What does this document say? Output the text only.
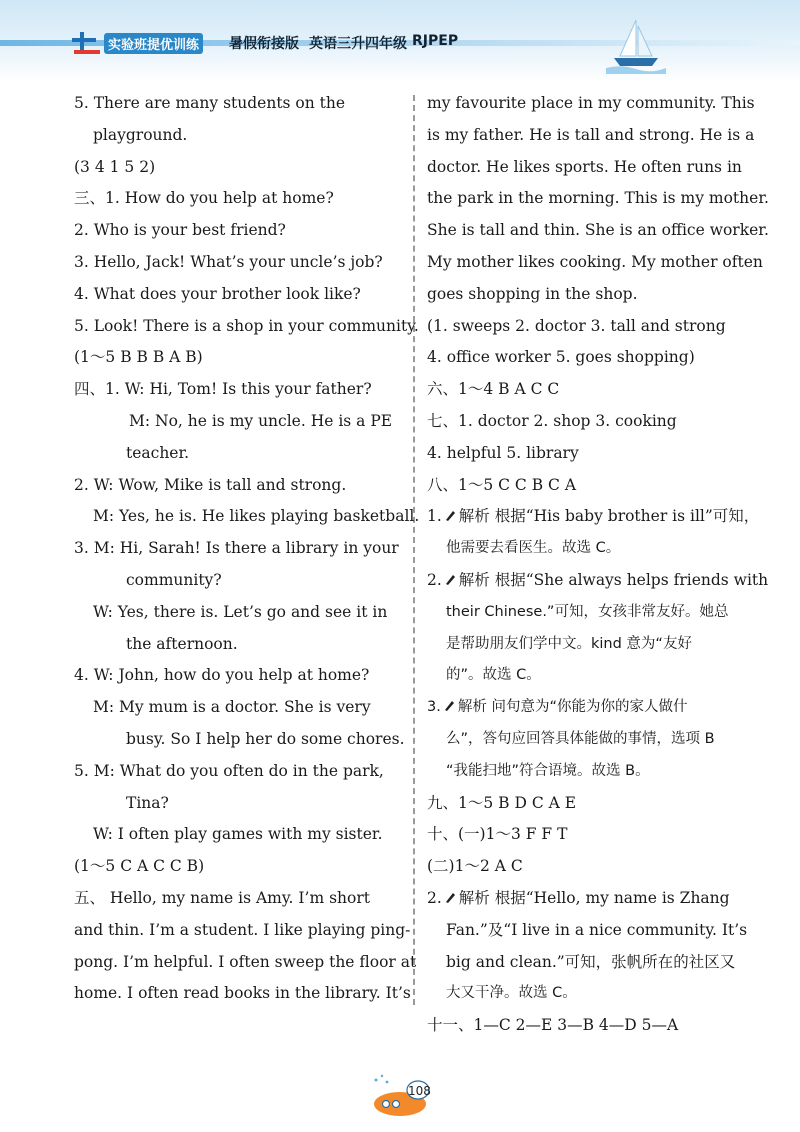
实验班提优训练 暑假衔接版 英语三升四年级 RJPEP
5. There are many students on the
playground.
(3 4 1 5 2)
三、1. How do you help at home?
2. Who is your best friend?
3. Hello, Jack! What’s your uncle’s job?
4. What does your brother look like?
5. Look! There is a shop in your community.
(1～5 B B B A B)
四、1. W: Hi, Tom! Is this your father?
M: No, he is my uncle. He is a PE
teacher.
2. W: Wow, Mike is tall and strong.
M: Yes, he is. He likes playing basketball.
3. M: Hi, Sarah! Is there a library in your
community?
W: Yes, there is. Let’s go and see it in
the afternoon.
4. W: John, how do you help at home?
M: My mum is a doctor. She is very
busy. So I help her do some chores.
5. M: What do you often do in the park,
Tina?
W: I often play games with my sister.
(1～5 C A C C B)
五、 Hello, my name is Amy. I’m short
and thin. I’m a student. I like playing ping-
pong. I’m helpful. I often sweep the floor at
home. I often read books in the library. It’s
my favourite place in my community. This
is my father. He is tall and strong. He is a
doctor. He likes sports. He often runs in
the park in the morning. This is my mother.
She is tall and thin. She is an office worker.
My mother likes cooking. My mother often
goes shopping in the shop.
(1. sweeps 2. doctor 3. tall and strong
4. office worker 5. goes shopping)
六、1～4 B A C C
七、1. doctor 2. shop 3. cooking
4. helpful 5. library
八、1～5 C C B C A
1. 解析 根据“His baby brother is ill”可知，
他需要去看医生。故选 C。
2. 解析 根据“She always helps friends with
their Chinese.”可知，女孩非常友好。她总
是帮助朋友们学中文。kind 意为“友好
的”。故选 C。
3. 解析 问句意为“你能为你的家人做什
么”，答句应回答具体能做的事情，选项 B
“我能扫地”符合语境。故选 B。
九、1～5 B D C A E
十、(一)1～3 F F T
(二)1～2 A C
2. 解析 根据“Hello, my name is Zhang
Fan.”及“I live in a nice community. It’s
big and clean.”可知，张帆所在的社区又
大又干净。故选 C。
十一、1—C 2—E 3—B 4—D 5—A
108
